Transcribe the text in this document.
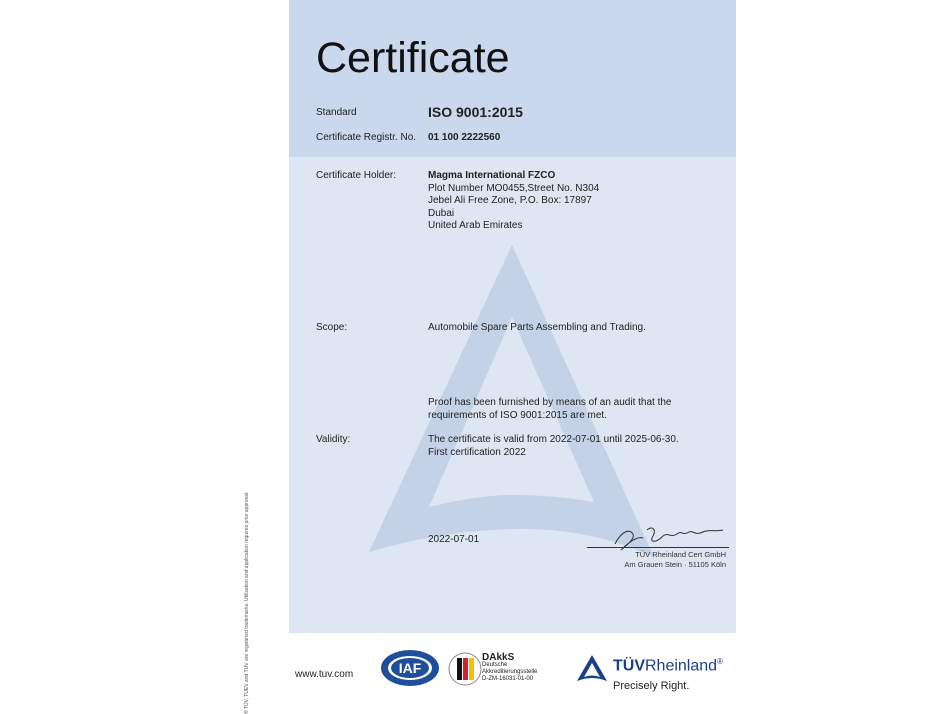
Certificate
Standard	ISO 9001:2015
Certificate Registr. No. 01 100 2222560
Certificate Holder:	Magma International FZCO
Plot Number MO0455,Street No. N304
Jebel Ali Free Zone, P.O. Box: 17897
Dubai
United Arab Emirates
Scope:	Automobile Spare Parts Assembling and Trading.
Proof has been furnished by means of an audit that the
requirements of ISO 9001:2015 are met.
Validity:	The certificate is valid from 2022-07-01 until 2025-06-30.
First certification 2022
2022-07-01
TÜV Rheinland Cert GmbH
Am Grauen Stein · 51105 Köln
® TÜV, TUEV and TUV are registered trademarks. Utilisation and application requires prior approval.	www.tuv.com	IAF
DAkkS
Deutsche
Akkreditierungsstelle
D-ZM-16031-01-00
TÜVRheinland®
Precisely Right.
